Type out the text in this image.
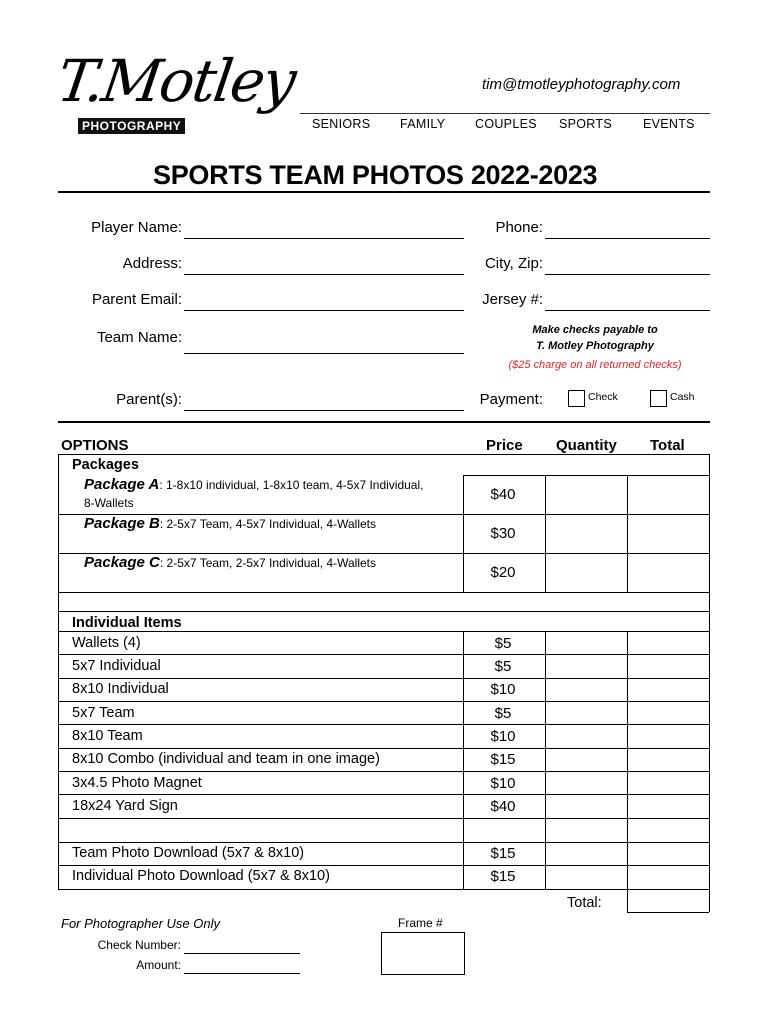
T.Motley
PHOTOGRAPHY
tim@tmotleyphotography.com
SENIORS FAMILY COUPLES SPORTS EVENTS
SPORTS TEAM PHOTOS 2022-2023
Player Name:
Address:
Parent Email:
Team Name:
Parent(s):
Phone:
City, Zip:
Jersey #:
Make checks payable to
T. Motley Photography
($25 charge on all returned checks)
Payment:	Check	Cash
OPTIONS	Price Quantity Total
Packages
Package A: 1-8x10 individual, 1-8x10 team, 4-5x7 Individual,
8-Wallets	$40
Package B: 2-5x7 Team, 4-5x7 Individual, 4-Wallets
$30
Package C: 2-5x7 Team, 2-5x7 Individual, 4-Wallets
$20
Individual Items
Wallets (4)	$5
5x7 Individual	$5
8x10 Individual	$10
5x7 Team	$5
8x10 Team	$10
8x10 Combo (individual and team in one image)	$15
3x4.5 Photo Magnet	$10
18x24 Yard Sign	$40
Team Photo Download (5x7 & 8x10)	$15
Individual Photo Download (5x7 & 8x10)	$15
Total:
For Photographer Use Only
Check Number:
Amount:
Frame #
